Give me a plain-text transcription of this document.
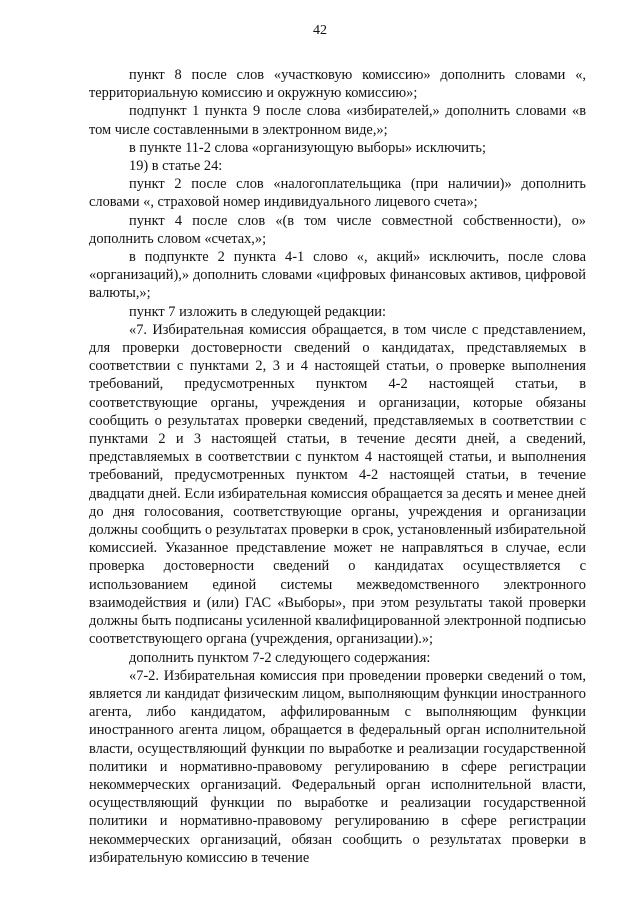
42

пункт 8 после слов «участковую комиссию» дополнить словами «, территориальную комиссию и окружную комиссию»;

подпункт 1 пункта 9 после слова «избирателей,» дополнить словами «в том числе составленными в электронном виде,»;

в пункте 11-2 слова «организующую выборы» исключить;

19) в статье 24:

пункт 2 после слов «налогоплательщика (при наличии)» дополнить словами «, страховой номер индивидуального лицевого счета»;

пункт 4 после слов «(в том числе совместной собственности), о» дополнить словом «счетах,»;

в подпункте 2 пункта 4-1 слово «, акций» исключить, после слова «организаций),» дополнить словами «цифровых финансовых активов, цифровой валюты,»;

пункт 7 изложить в следующей редакции:

«7. Избирательная комиссия обращается, в том числе с представлением, для проверки достоверности сведений о кандидатах, представляемых в соответствии с пунктами 2, 3 и 4 настоящей статьи, о проверке выполнения требований, предусмотренных пунктом 4-2 настоящей статьи, в соответствующие органы, учреждения и организации, которые обязаны сообщить о результатах проверки сведений, представляемых в соответствии с пунктами 2 и 3 настоящей статьи, в течение десяти дней, а сведений, представляемых в соответствии с пунктом 4 настоящей статьи, и выполнения требований, предусмотренных пунктом 4-2 настоящей статьи, в течение двадцати дней. Если избирательная комиссия обращается за десять и менее дней до дня голосования, соответствующие органы, учреждения и организации должны сообщить о результатах проверки в срок, установленный избирательной комиссией. Указанное представление может не направляться в случае, если проверка достоверности сведений о кандидатах осуществляется с использованием единой системы межведомственного электронного взаимодействия и (или) ГАС «Выборы», при этом результаты такой проверки должны быть подписаны усиленной квалифицированной электронной подписью соответствующего органа (учреждения, организации).»;

дополнить пунктом 7-2 следующего содержания:

«7-2. Избирательная комиссия при проведении проверки сведений о том, является ли кандидат физическим лицом, выполняющим функции иностранного агента, либо кандидатом, аффилированным с выполняющим функции иностранного агента лицом, обращается в федеральный орган исполнительной власти, осуществляющий функции по выработке и реализации государственной политики и нормативно-правовому регулированию в сфере регистрации некоммерческих организаций. Федеральный орган исполнительной власти, осуществляющий функции по выработке и реализации государственной политики и нормативно-правовому регулированию в сфере регистрации некоммерческих организаций, обязан сообщить о результатах проверки в избирательную комиссию в течение
